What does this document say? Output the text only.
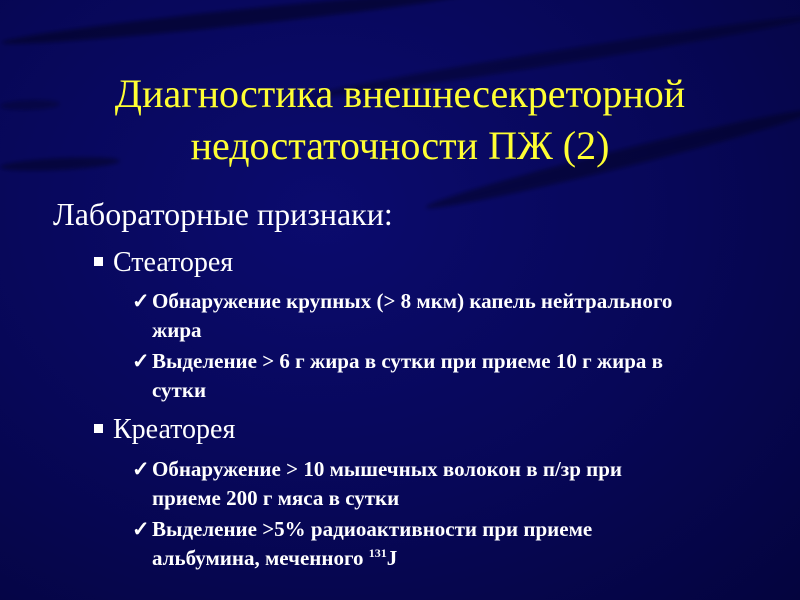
Диагностика внешнесекреторной
недостаточности ПЖ (2)
Лабораторные признаки:
Стеаторея
✓ Обнаружение крупных (> 8 мкм) капель нейтрального
жира
✓ Выделение > 6 г жира в сутки при приеме 10 г жира в
сутки
Креаторея
✓ Обнаружение > 10 мышечных волокон в п/зр при
приеме 200 г мяса в сутки
✓ Выделение >5% радиоактивности при приеме
альбумина, меченного $^{131}$J
